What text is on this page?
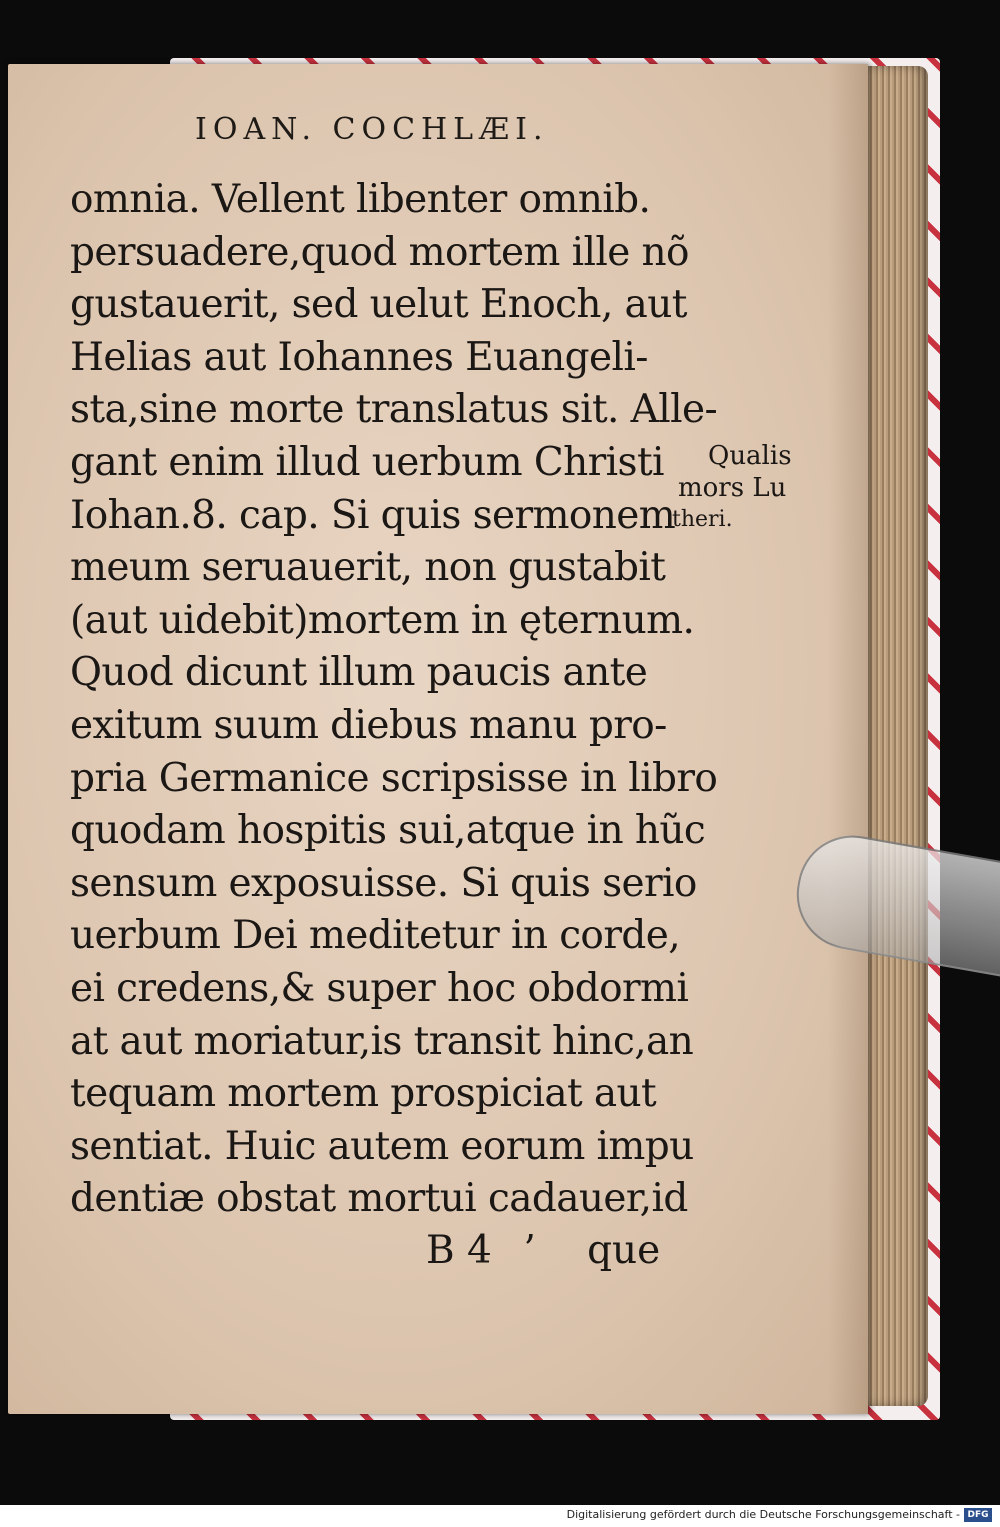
IOAN. COCHLÆI.
omnia. Vellent libenter omnib.
persuadere,quod mortem ille nõ
gustauerit, sed uelut Enoch, aut
Helias aut Iohannes Euangeli-
sta,sine morte translatus sit. Alle-
gant enim illud uerbum Christi
Iohan.8. cap. Si quis sermonem
meum seruauerit, non gustabit
(aut uidebit)mortem in ęternum.
Quod dicunt illum paucis ante
exitum suum diebus manu pro-
pria Germanice scripsisse in libro
quodam hospitis sui,atque in hũc
sensum exposuisse. Si quis serio
uerbum Dei meditetur in corde,
ei credens,& super hoc obdormi
at aut moriatur,is transit hinc,an
tequam mortem prospiciat aut
sentiat. Huic autem eorum impu
dentiæ obstat mortui cadauer,id
Qualis
mors Lu
theri.
B 4 ʼ que
Digitalisierung gefördert durch die Deutsche Forschungsgemeinschaft - DFG
